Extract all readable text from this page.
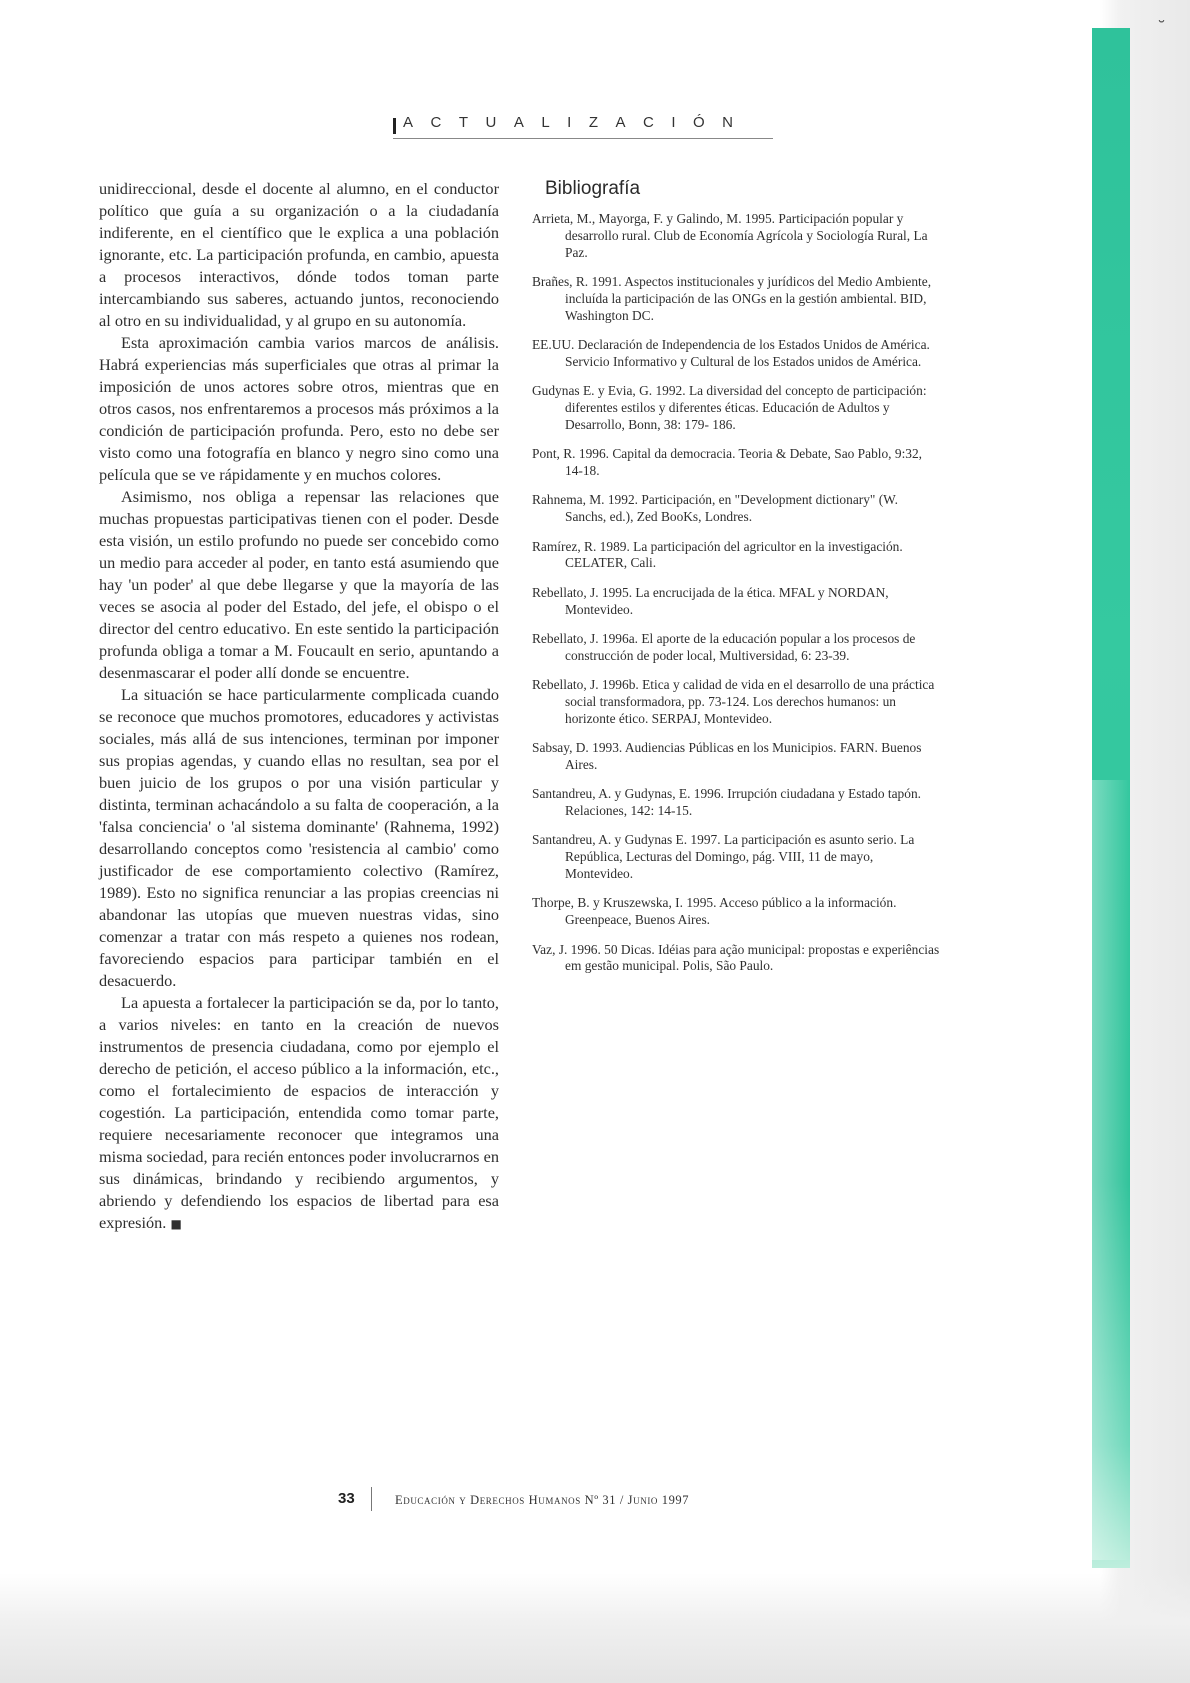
˘
ACTUALIZACIÓN

unidireccional, desde el docente al alumno, en el conductor político que guía a su organización o a la ciudadanía indiferente, en el científico que le explica a una población ignorante, etc. La participación profunda, en cambio, apuesta a procesos interactivos, dónde todos toman parte intercambiando sus saberes, actuando juntos, reconociendo al otro en su individualidad, y al grupo en su autonomía.

Esta aproximación cambia varios marcos de análisis. Habrá experiencias más superficiales que otras al primar la imposición de unos actores sobre otros, mientras que en otros casos, nos enfrentaremos a procesos más próximos a la condición de participación profunda. Pero, esto no debe ser visto como una fotografía en blanco y negro sino como una película que se ve rápidamente y en muchos colores.

Asimismo, nos obliga a repensar las relaciones que muchas propuestas participativas tienen con el poder. Desde esta visión, un estilo profundo no puede ser concebido como un medio para acceder al poder, en tanto está asumiendo que hay 'un poder' al que debe llegarse y que la mayoría de las veces se asocia al poder del Estado, del jefe, el obispo o el director del centro educativo. En este sentido la participación profunda obliga a tomar a M. Foucault en serio, apuntando a desenmascarar el poder allí donde se encuentre.

La situación se hace particularmente complicada cuando se reconoce que muchos promotores, educadores y activistas sociales, más allá de sus intenciones, terminan por imponer sus propias agendas, y cuando ellas no resultan, sea por el buen juicio de los grupos o por una visión particular y distinta, terminan achacándolo a su falta de cooperación, a la 'falsa conciencia' o 'al sistema dominante' (Rahnema, 1992) desarrollando conceptos como 'resistencia al cambio' como justificador de ese comportamiento colectivo (Ramírez, 1989). Esto no significa renunciar a las propias creencias ni abandonar las utopías que mueven nuestras vidas, sino comenzar a tratar con más respeto a quienes nos rodean, favoreciendo espacios para participar también en el desacuerdo.

La apuesta a fortalecer la participación se da, por lo tanto, a varios niveles: en tanto en la creación de nuevos instrumentos de presencia ciudadana, como por ejemplo el derecho de petición, el acceso público a la información, etc., como el fortalecimiento de espacios de interacción y cogestión. La participación, entendida como tomar parte, requiere necesariamente reconocer que integramos una misma sociedad, para recién entonces poder involucrarnos en sus dinámicas, brindando y recibiendo argumentos, y abriendo y defendiendo los espacios de libertad para esa expresión. ■

Bibliografía
Arrieta, M., Mayorga, F. y Galindo, M. 1995. Participación popular y desarrollo rural. Club de Economía Agrícola y Sociología Rural, La Paz.
Brañes, R. 1991. Aspectos institucionales y jurídicos del Medio Ambiente, incluída la participación de las ONGs en la gestión ambiental. BID, Washington DC.
EE.UU. Declaración de Independencia de los Estados Unidos de América. Servicio Informativo y Cultural de los Estados unidos de América.
Gudynas E. y Evia, G. 1992. La diversidad del concepto de participación: diferentes estilos y diferentes éticas. Educación de Adultos y Desarrollo, Bonn, 38: 179- 186.
Pont, R. 1996. Capital da democracia. Teoria & Debate, Sao Pablo, 9:32, 14-18.
Rahnema, M. 1992. Participación, en "Development dictionary" (W. Sanchs, ed.), Zed BooKs, Londres.
Ramírez, R. 1989. La participación del agricultor en la investigación. CELATER, Cali.
Rebellato, J. 1995. La encrucijada de la ética. MFAL y NORDAN, Montevideo.
Rebellato, J. 1996a. El aporte de la educación popular a los procesos de construcción de poder local, Multiversidad, 6: 23-39.
Rebellato, J. 1996b. Etica y calidad de vida en el desarrollo de una práctica social transformadora, pp. 73-124. Los derechos humanos: un horizonte ético. SERPAJ, Montevideo.
Sabsay, D. 1993. Audiencias Públicas en los Municipios. FARN. Buenos Aires.
Santandreu, A. y Gudynas, E. 1996. Irrupción ciudadana y Estado tapón. Relaciones, 142: 14-15.
Santandreu, A. y Gudynas E. 1997. La participación es asunto serio. La República, Lecturas del Domingo, pág. VIII, 11 de mayo, Montevideo.
Thorpe, B. y Kruszewska, I. 1995. Acceso público a la información. Greenpeace, Buenos Aires.
Vaz, J. 1996. 50 Dicas. Idéias para ação municipal: propostas e experiências em gestão municipal. Polis, São Paulo.
33	Educación y Derechos Humanos Nº 31 / Junio 1997
